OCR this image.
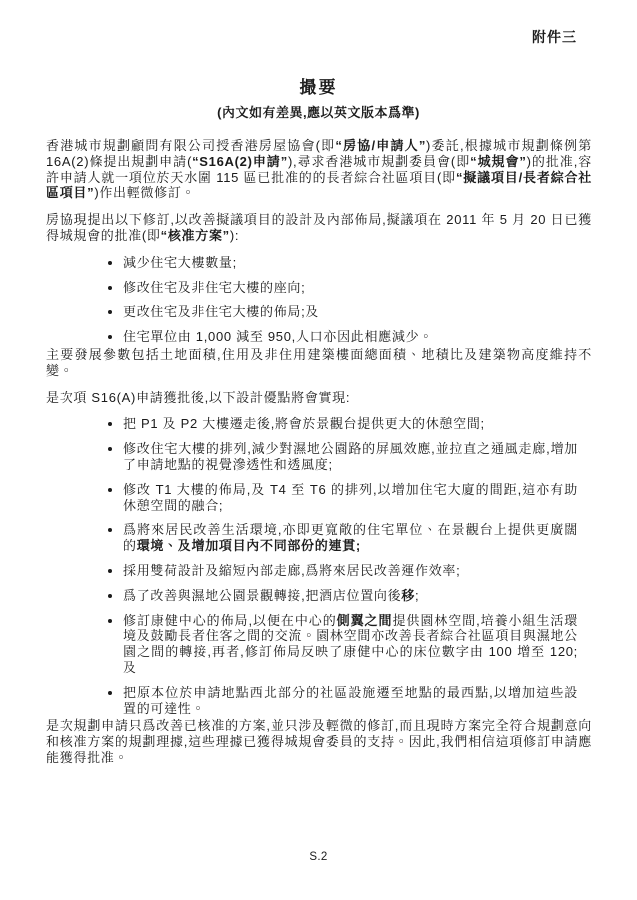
附件三
撮要
(內文如有差異,應以英文版本爲準)

香港城市規劃顧問有限公司授香港房屋協會(即“房協/申請人”)委託,根據城市規劃條例第 16A(2)條提出規劃申請(“S16A(2)申請”),尋求香港城市規劃委員會(即“城規會”)的批准,容許申請人就一項位於天水圍 115 區已批准的的長者綜合社區項目(即“擬議項目/長者綜合社區項目”)作出輕微修訂。

房協現提出以下修訂,以改善擬議項目的設計及內部佈局,擬議項在 2011 年 5 月 20 日已獲得城規會的批准(即“核准方案”):

• 減少住宅大樓數量;
• 修改住宅及非住宅大樓的座向;
• 更改住宅及非住宅大樓的佈局;及
• 住宅單位由 1,000 減至 950,人口亦因此相應減少。

主要發展參數包括土地面積,住用及非住用建築樓面總面積、地積比及建築物高度維持不變。

是次項 S16(A)申請獲批後,以下設計優點將會實現:

• 把 P1 及 P2 大樓遷走後,將會於景觀台提供更大的休憩空間;
• 修改住宅大樓的排列,減少對濕地公園路的屏風效應,並拉直之通風走廊,增加了申請地點的視覺滲透性和透風度;
• 修改 T1 大樓的佈局,及 T4 至 T6 的排列,以增加住宅大廈的間距,這亦有助休憩空間的融合;
• 爲將來居民改善生活環境,亦即更寬敞的住宅單位、在景觀台上提供更廣闊的環境、及增加項目內不同部份的連貫;
• 採用雙荷設計及縮短內部走廊,爲將來居民改善運作效率;
• 爲了改善與濕地公園景觀轉接,把酒店位置向後移;
• 修訂康健中心的佈局,以便在中心的側翼之間提供園林空間,培養小組生活環境及鼓勵長者住客之間的交流。園林空間亦改善長者綜合社區項目與濕地公園之間的轉接,再者,修訂佈局反映了康健中心的床位數字由 100 增至 120;及
• 把原本位於申請地點西北部分的社區設施遷至地點的最西點,以增加這些設置的可達性。

是次規劃申請只爲改善已核准的方案,並只涉及輕微的修訂,而且現時方案完全符合規劃意向和核准方案的規劃理據,這些理據已獲得城規會委員的支持。因此,我們相信這項修訂申請應能獲得批准。

S.2
